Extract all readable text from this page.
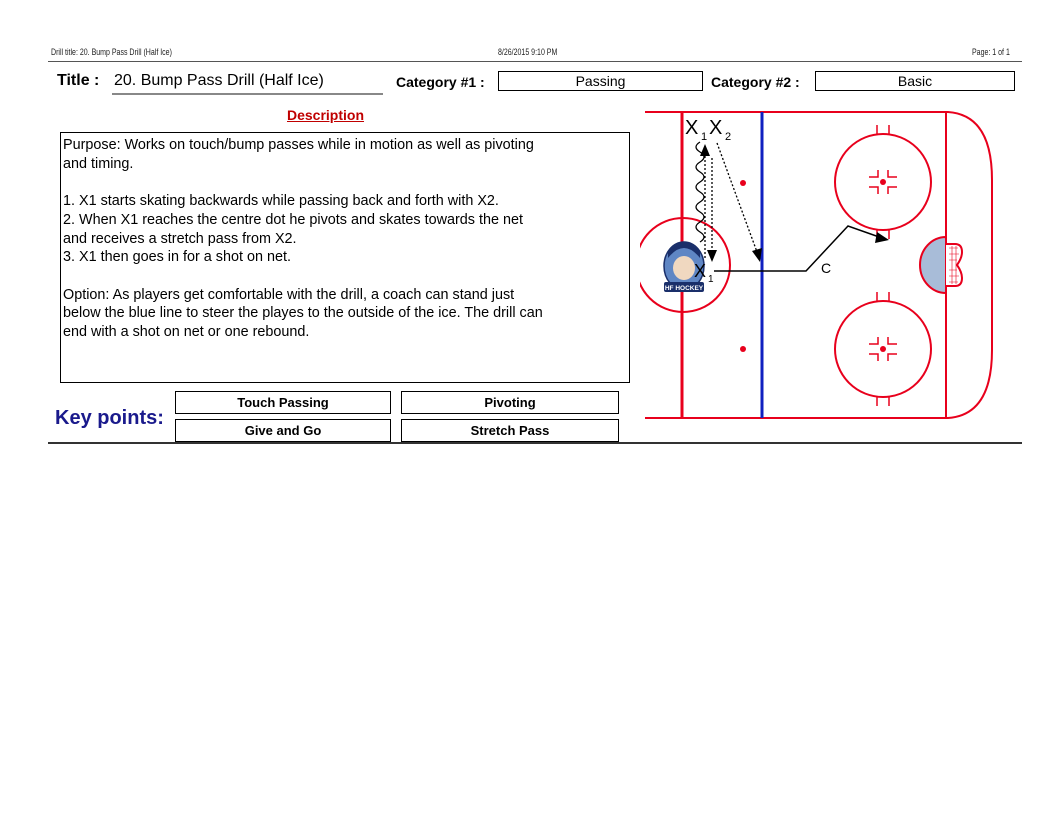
Drill title: 20. Bump Pass Drill (Half Ice)	8/26/2015 9:10 PM	Page: 1 of 1
Title : 20. Bump Pass Drill (Half Ice)	Category #1 :	Passing	Category #2 :	Basic
Description

Purpose: Works on touch/bump passes while in motion as well as pivoting

and timing.

1. X1 starts skating backwards while passing back and forth with X2.

2. When X1 reaches the centre dot he pivots and skates towards the net

and receives a stretch pass from X2.

3. X1 then goes in for a shot on net.

Option: As players get comfortable with the drill, a coach can stand just

below the blue line to steer the playes to the outside of the ice. The drill can

end with a shot on net or one rebound.

Key points:
Touch Passing	Pivoting
Give and Go	Stretch Pass
HF HOCKEY
X 1 X 2
X 1
C
